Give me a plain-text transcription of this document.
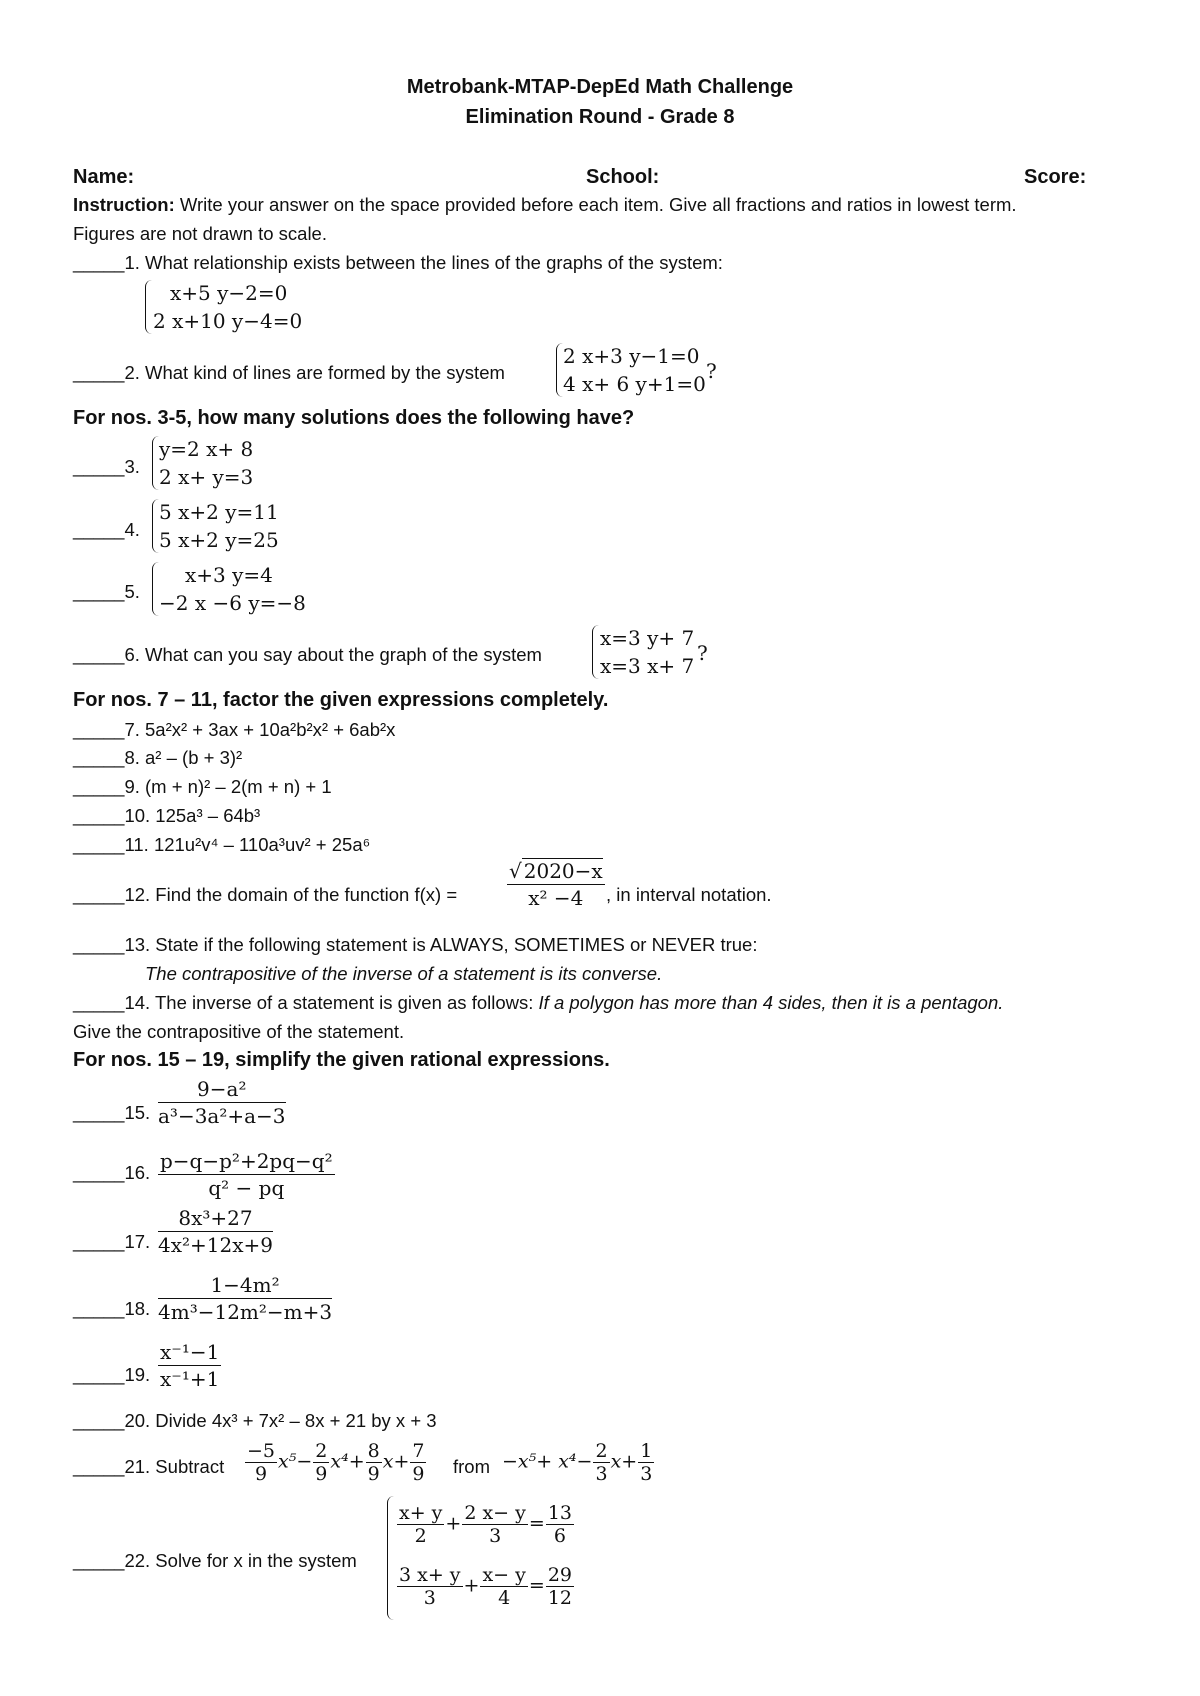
Metrobank-MTAP-DepEd Math Challenge
Elimination Round - Grade 8
Name:	School:	Score:
Instruction: Write your answer on the space provided before each item. Give all fractions and ratios in lowest term.
Figures are not drawn to scale.
_____1. What relationship exists between the lines of the graphs of the system:
x+5 y−2=0
2 x+10 y−4=0
_____2. What kind of lines are formed by the system
2 x+3 y−1=0
4 x+ 6 y+1=0
?
For nos. 3-5, how many solutions does the following have?
_____3.
y=2 x+ 8
2 x+ y=3
_____4.
5 x+2 y=11
5 x+2 y=25
_____5.
x+3 y=4
−2 x −6 y=−8
_____6. What can you say about the graph of the system
x=3 y+ 7
x=3 x+ 7
?
For nos. 7 – 11, factor the given expressions completely.
_____7. 5a²x² + 3ax + 10a²b²x² + 6ab²x
_____8. a² – (b + 3)²
_____9. (m + n)² – 2(m + n) + 1
_____10. 125a³ – 64b³
_____11. 121u²v⁴ – 110a³uv² + 25a⁶
_____12. Find the domain of the function $f(x) = \frac{√ 2020-x}{\text{x² −4}}$ , in interval notation.
_____13. State if the following statement is ALWAYS, SOMETIMES or NEVER true:
The contrapositive of the inverse of a statement is its converse.
_____14. The inverse of a statement is given as follows: If a polygon has more than 4 sides, then it is a pentagon.
Give the contrapositive of the statement.
For nos. 15 – 19, simplify the given rational expressions.
_____15. $\frac{\text{9−a²}}{\text{a³−3a²+a−3}}$
_____16. $\frac{\text{p−q−p²+2pq−q²}}{\text{q² − pq}}$
_____17. $\frac{\text{8x³+27}}{\text{4x²+12x+9}}$
_____18. $\frac{\text{1−4m²}}{\text{4m³−12m²−m+3}}$
_____19. $\frac{\text{x⁻¹−1}}{\text{x⁻¹+1}}$
_____20. Divide 4x³ + 7x² – 8x + 21 by x + 3
_____21. Subtract $\frac{-5}{9} x^5- \frac{2}{9} x^4+ \frac{8}{9} x+ \frac{7}{9}$ from $-x^5+ x^4- \frac{2}{3} x+ \frac{1}{3}$
_____22. Solve for x in the system
$\frac{x+ y}{2} + \frac{2 x- y}{3} = \frac{13}{6}$
$\frac{3 x+ y}{3} + \frac{x- y}{4} = \frac{29}{12}$
